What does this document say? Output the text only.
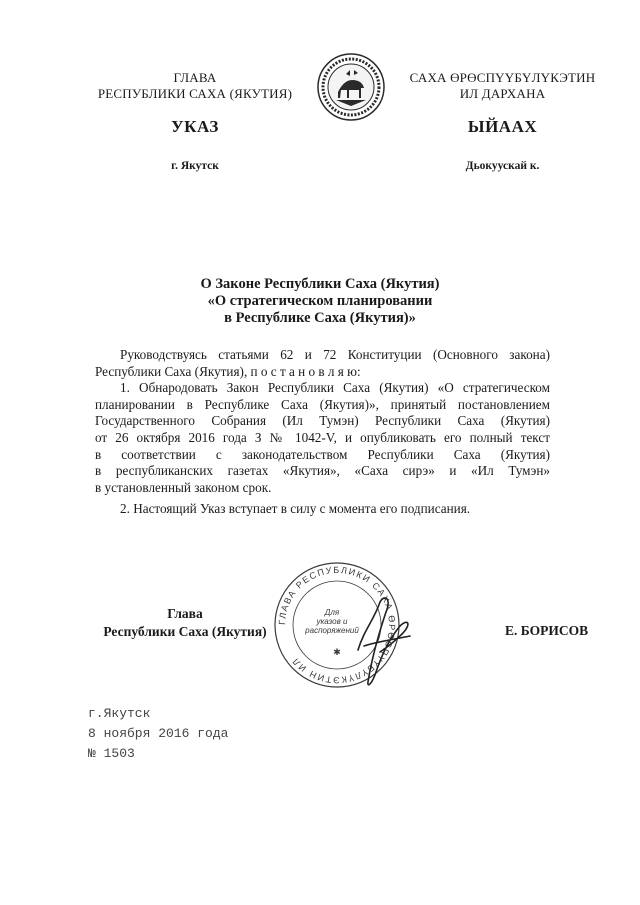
ГЛАВА
РЕСПУБЛИКИ САХА (ЯКУТИЯ)
САХА ӨРӨСПҮҮБҮЛҮКЭТИН
ИЛ ДАРХАНА
УКАЗ	ЫЙААХ
г. Якутск	Дьокуускай к.
О Законе Республики Саха (Якутия)
«О стратегическом планировании
в Республике Саха (Якутия)»

Руководствуясь статьями 62 и 72 Конституции (Основного закона)

Республики Саха (Якутия), п о с т а н о в л я ю:

1. Обнародовать Закон Республики Саха (Якутия) «О стратегическом

планировании в Республике Саха (Якутия)», принятый постановлением

Государственного Собрания (Ил Тумэн) Республики Саха (Якутия)

от 26 октября 2016 года З № 1042-V, и опубликовать его полный текст

в соответствии с законодательством Республики Саха (Якутия)

в республиканских газетах «Якутия», «Саха сирэ» и «Ил Тумэн»

в установленный законом срок.

2. Настоящий Указ вступает в силу с момента его подписания.

ГЛАВА РЕСПУБЛИКИ САХА ӨРӨСПҮҮБҮЛҮКЭТИН ИЛ
Для
указов и
распоряжений
✱
Глава
Республики Саха (Якутия)	Е. БОРИСОВ
г.Якутск
8 ноября 2016 года
№ 1503
